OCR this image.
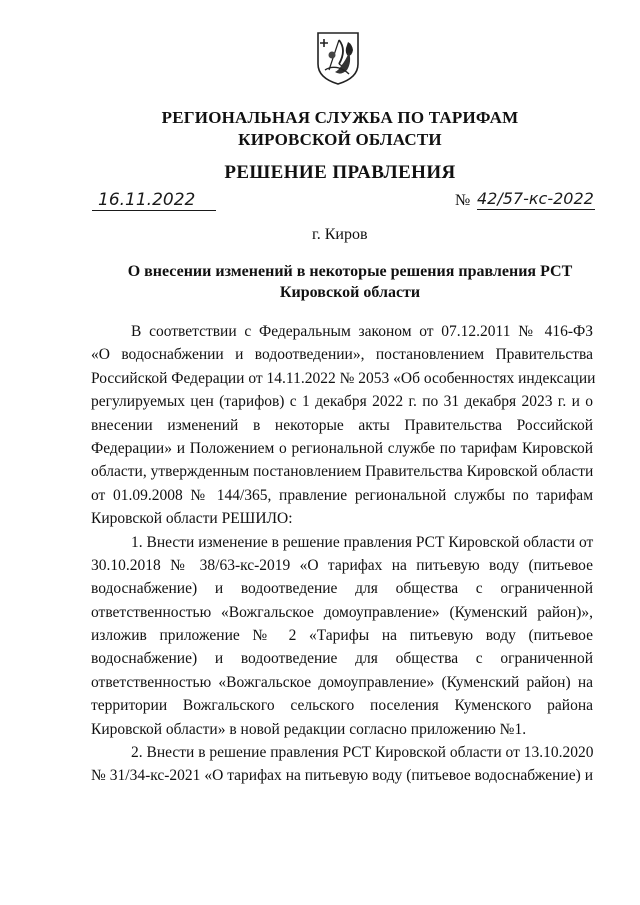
РЕГИОНАЛЬНАЯ СЛУЖБА ПО ТАРИФАМ
КИРОВСКОЙ ОБЛАСТИ
РЕШЕНИЕ ПРАВЛЕНИЯ
16.11.2022	№ 42/57-кс-2022
г. Киров
О внесении изменений в некоторые решения правления РСТ
Кировской области
В соответствии с Федеральным законом от 07.12.2011 № 416-ФЗ
«О водоснабжении и водоотведении», постановлением Правительства
Российской Федерации от 14.11.2022 № 2053 «Об особенностях индексации
регулируемых цен (тарифов) с 1 декабря 2022 г. по 31 декабря 2023 г. и о
внесении изменений в некоторые акты Правительства Российской
Федерации» и Положением о региональной службе по тарифам Кировской
области, утвержденным постановлением Правительства Кировской области
от 01.09.2008 № 144/365, правление региональной службы по тарифам
Кировской области РЕШИЛО:
1. Внести изменение в решение правления РСТ Кировской области от
30.10.2018 № 38/63-кс-2019 «О тарифах на питьевую воду (питьевое
водоснабжение) и водоотведение для общества с ограниченной
ответственностью «Вожгальское домоуправление» (Куменский район)»,
изложив приложение № 2 «Тарифы на питьевую воду (питьевое
водоснабжение) и водоотведение для общества с ограниченной
ответственностью «Вожгальское домоуправление» (Куменский район) на
территории Вожгальского сельского поселения Куменского района
Кировской области» в новой редакции согласно приложению №1.
2. Внести в решение правления РСТ Кировской области от 13.10.2020
№ 31/34-кс-2021 «О тарифах на питьевую воду (питьевое водоснабжение) и
